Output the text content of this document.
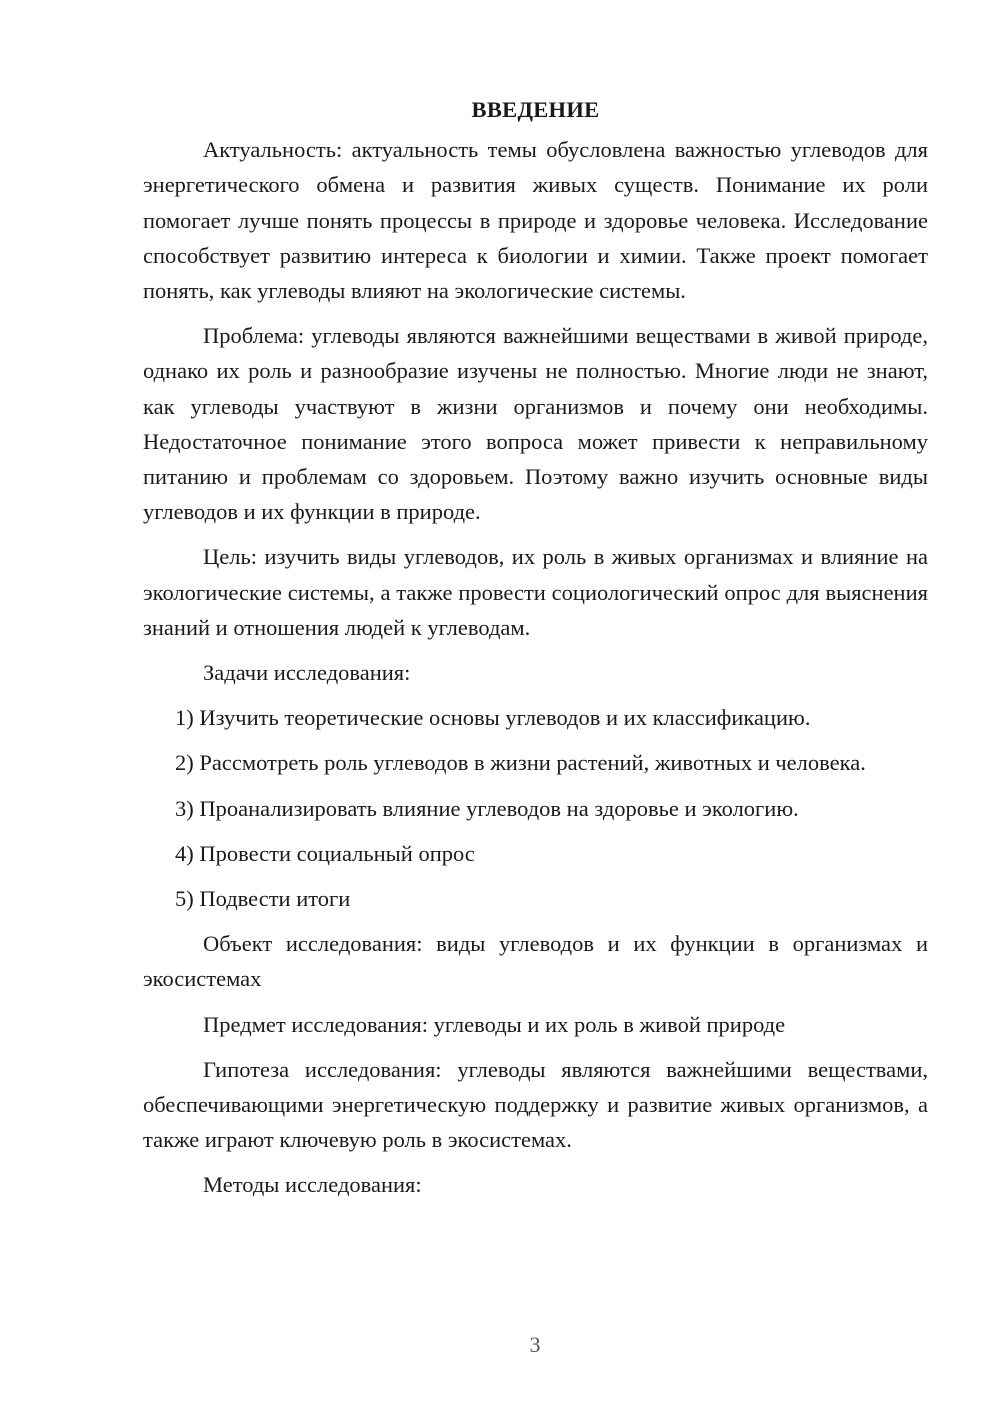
ВВЕДЕНИЕ

Актуальность: актуальность темы обусловлена важностью углеводов для энергетического обмена и развития живых существ. Понимание их роли помогает лучше понять процессы в природе и здоровье человека. Исследование способствует развитию интереса к биологии и химии. Также проект помогает понять, как углеводы влияют на экологические системы.

Проблема: углеводы являются важнейшими веществами в живой природе, однако их роль и разнообразие изучены не полностью. Многие люди не знают, как углеводы участвуют в жизни организмов и почему они необходимы. Недостаточное понимание этого вопроса может привести к неправильному питанию и проблемам со здоровьем. Поэтому важно изучить основные виды углеводов и их функции в природе.

Цель: изучить виды углеводов, их роль в живых организмах и влияние на экологические системы, а также провести социологический опрос для выяснения знаний и отношения людей к углеводам.

Задачи исследования:

1) Изучить теоретические основы углеводов и их классификацию.

2) Рассмотреть роль углеводов в жизни растений, животных и человека.

3) Проанализировать влияние углеводов на здоровье и экологию.

4) Провести социальный опрос

5) Подвести итоги

Объект исследования: виды углеводов и их функции в организмах и экосистемах

Предмет исследования: углеводы и их роль в живой природе

Гипотеза исследования: углеводы являются важнейшими веществами, обеспечивающими энергетическую поддержку и развитие живых организмов, а также играют ключевую роль в экосистемах.

Методы исследования:

3
